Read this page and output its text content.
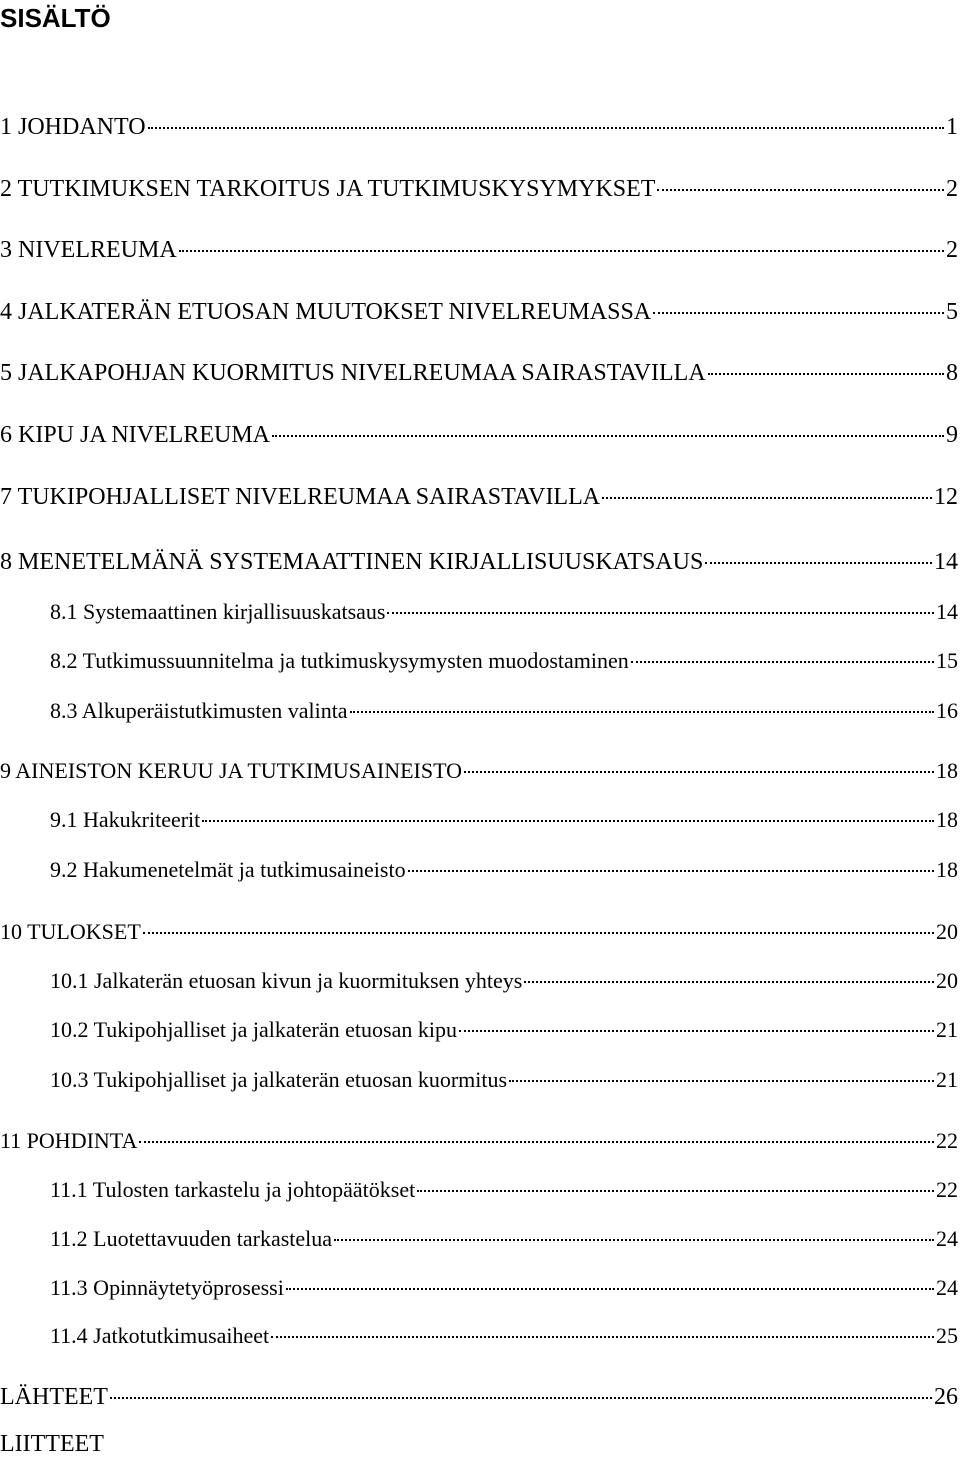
SISÄLTÖ
1 JOHDANTO	1
2 TUTKIMUKSEN TARKOITUS JA TUTKIMUSKYSYMYKSET	2
3 NIVELREUMA	2
4 JALKATERÄN ETUOSAN MUUTOKSET NIVELREUMASSA	5
5 JALKAPOHJAN KUORMITUS NIVELREUMAA SAIRASTAVILLA	8
6 KIPU JA NIVELREUMA	9
7 TUKIPOHJALLISET NIVELREUMAA SAIRASTAVILLA	12
8 MENETELMÄNÄ SYSTEMAATTINEN KIRJALLISUUSKATSAUS	14
8.1 Systemaattinen kirjallisuuskatsaus	14
8.2 Tutkimussuunnitelma ja tutkimuskysymysten muodostaminen	15
8.3 Alkuperäistutkimusten valinta	16
9 AINEISTON KERUU JA TUTKIMUSAINEISTO	18
9.1 Hakukriteerit	18
9.2 Hakumenetelmät ja tutkimusaineisto	18
10 TULOKSET	20
10.1 Jalkaterän etuosan kivun ja kuormituksen yhteys	20
10.2 Tukipohjalliset ja jalkaterän etuosan kipu	21
10.3 Tukipohjalliset ja jalkaterän etuosan kuormitus	21
11 POHDINTA	22
11.1 Tulosten tarkastelu ja johtopäätökset	22
11.2 Luotettavuuden tarkastelua	24
11.3 Opinnäytetyöprosessi	24
11.4 Jatkotutkimusaiheet	25
LÄHTEET	26
LIITTEET
